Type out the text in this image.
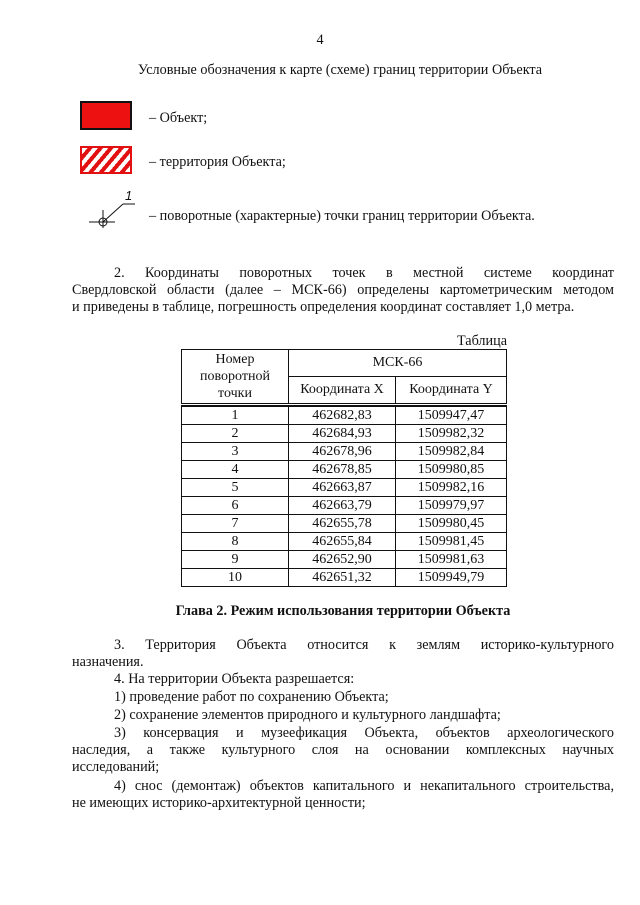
4
Условные обозначения к карте (схеме) границ территории Объекта
– Объект;
– территория Объекта;
1
– поворотные (характерные) точки границ территории Объекта.
2. Координаты поворотных точек в местной системе координат
Свердловской области (далее – МСК-66) определены картометрическим методом
и приведены в таблице, погрешность определения координат составляет 1,0 метра.
Таблица
Номер поворотной точки	МСК-66	
	Координата X	Координата Y

1	462682,83	1509947,47
2	462684,93	1509982,32
3	462678,96	1509982,84
4	462678,85	1509980,85
5	462663,87	1509982,16
6	462663,79	1509979,97
7	462655,78	1509980,45
8	462655,84	1509981,45
9	462652,90	1509981,63
10	462651,32	1509949,79
Глава 2. Режим использования территории Объекта
3. Территория Объекта относится к землям историко-культурного
назначения.
4. На территории Объекта разрешается:
1) проведение работ по сохранению Объекта;
2) сохранение элементов природного и культурного ландшафта;
3) консервация и музеефикация Объекта, объектов археологического
наследия, а также культурного слоя на основании комплексных научных
исследований;
4) снос (демонтаж) объектов капитального и некапитального строительства,
не имеющих историко-архитектурной ценности;
